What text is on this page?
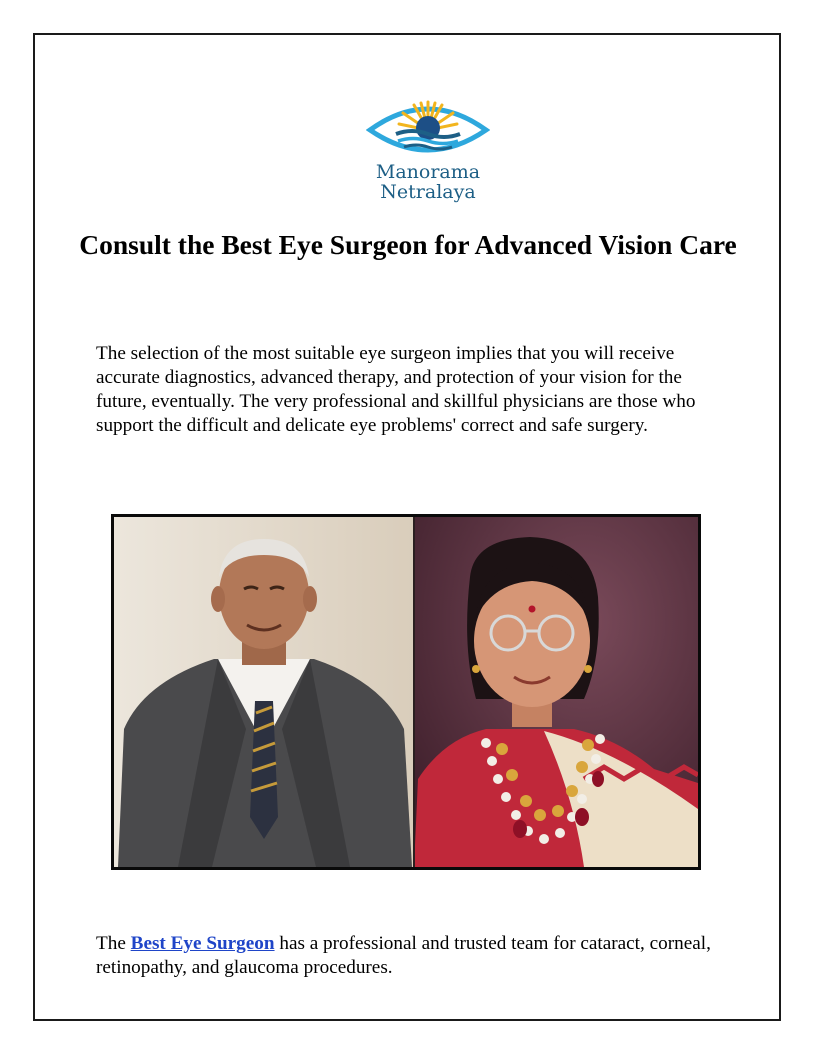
Manorama
Netralaya
Consult the Best Eye Surgeon for Advanced Vision Care

The selection of the most suitable eye surgeon implies that you will receive accurate diagnostics, advanced therapy, and protection of your vision for the future, eventually. The very professional and skillful physicians are those who support the difficult and delicate eye problems' correct and safe surgery.

The Best Eye Surgeon has a professional and trusted team for cataract, corneal, retinopathy, and glaucoma procedures.
